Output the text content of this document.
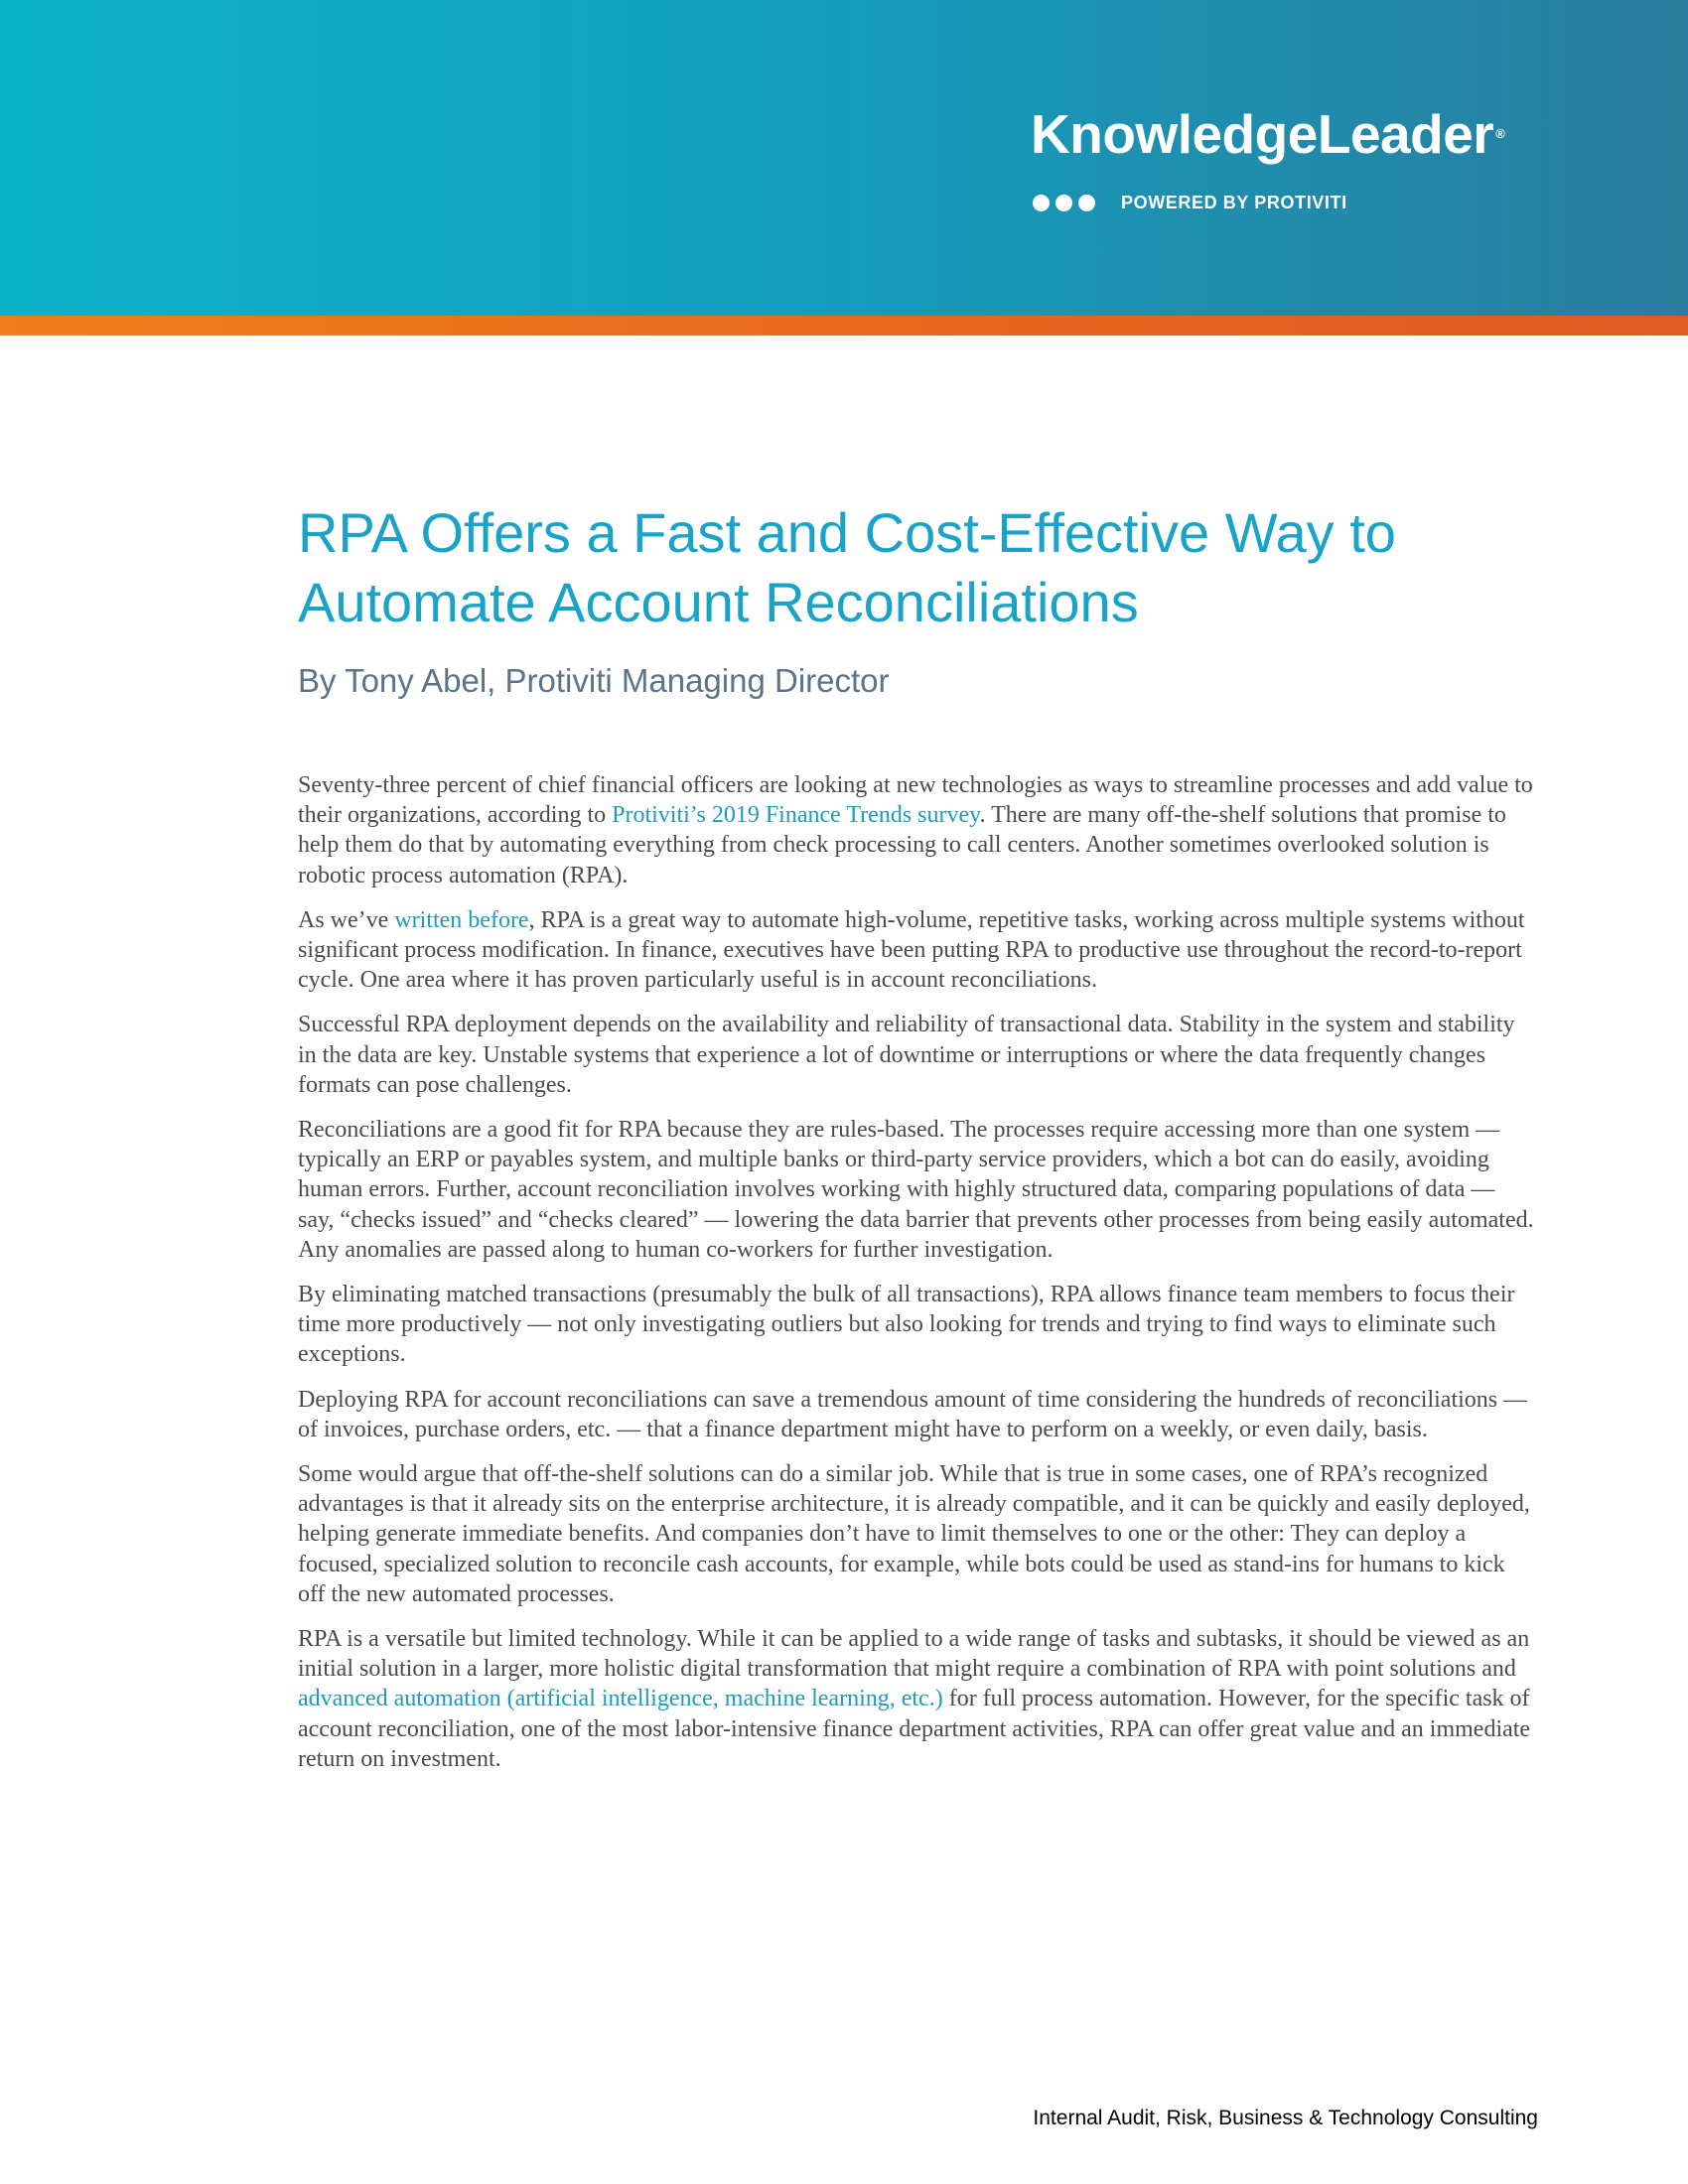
KnowledgeLeader ®
POWERED BY PROTIVITI
RPA Offers a Fast and Cost-Effective Way to
Automate Account Reconciliations

By Tony Abel, Protiviti Managing Director

Seventy-three percent of chief financial officers are looking at new technologies as ways to streamline processes and add value to their organizations, according to Protiviti’s 2019 Finance Trends survey. There are many off-the-shelf solutions that promise to help them do that by automating everything from check processing to call centers. Another sometimes overlooked solution is robotic process automation (RPA).

As we’ve written before, RPA is a great way to automate high-volume, repetitive tasks, working across multiple systems without significant process modification. In finance, executives have been putting RPA to productive use throughout the record-to-report cycle. One area where it has proven particularly useful is in account reconciliations.

Successful RPA deployment depends on the availability and reliability of transactional data. Stability in the system and stability in the data are key. Unstable systems that experience a lot of downtime or interruptions or where the data frequently changes formats can pose challenges.

Reconciliations are a good fit for RPA because they are rules-based. The processes require accessing more than one system — typically an ERP or payables system, and multiple banks or third-party service providers, which a bot can do easily, avoiding human errors. Further, account reconciliation involves working with highly structured data, comparing populations of data — say, “checks issued” and “checks cleared” — lowering the data barrier that prevents other processes from being easily automated. Any anomalies are passed along to human co-workers for further investigation.

By eliminating matched transactions (presumably the bulk of all transactions), RPA allows finance team members to focus their time more productively — not only investigating outliers but also looking for trends and trying to find ways to eliminate such exceptions.

Deploying RPA for account reconciliations can save a tremendous amount of time considering the hundreds of reconciliations — of invoices, purchase orders, etc. — that a finance department might have to perform on a weekly, or even daily, basis.

Some would argue that off-the-shelf solutions can do a similar job. While that is true in some cases, one of RPA’s recognized advantages is that it already sits on the enterprise architecture, it is already compatible, and it can be quickly and easily deployed, helping generate immediate benefits. And companies don’t have to limit themselves to one or the other: They can deploy a focused, specialized solution to reconcile cash accounts, for example, while bots could be used as stand-ins for humans to kick off the new automated processes.

RPA is a versatile but limited technology. While it can be applied to a wide range of tasks and subtasks, it should be viewed as an initial solution in a larger, more holistic digital transformation that might require a combination of RPA with point solutions and advanced automation (artificial intelligence, machine learning, etc.) for full process automation. However, for the specific task of account reconciliation, one of the most labor-intensive finance department activities, RPA can offer great value and an immediate return on investment.

Internal Audit, Risk, Business & Technology Consulting
